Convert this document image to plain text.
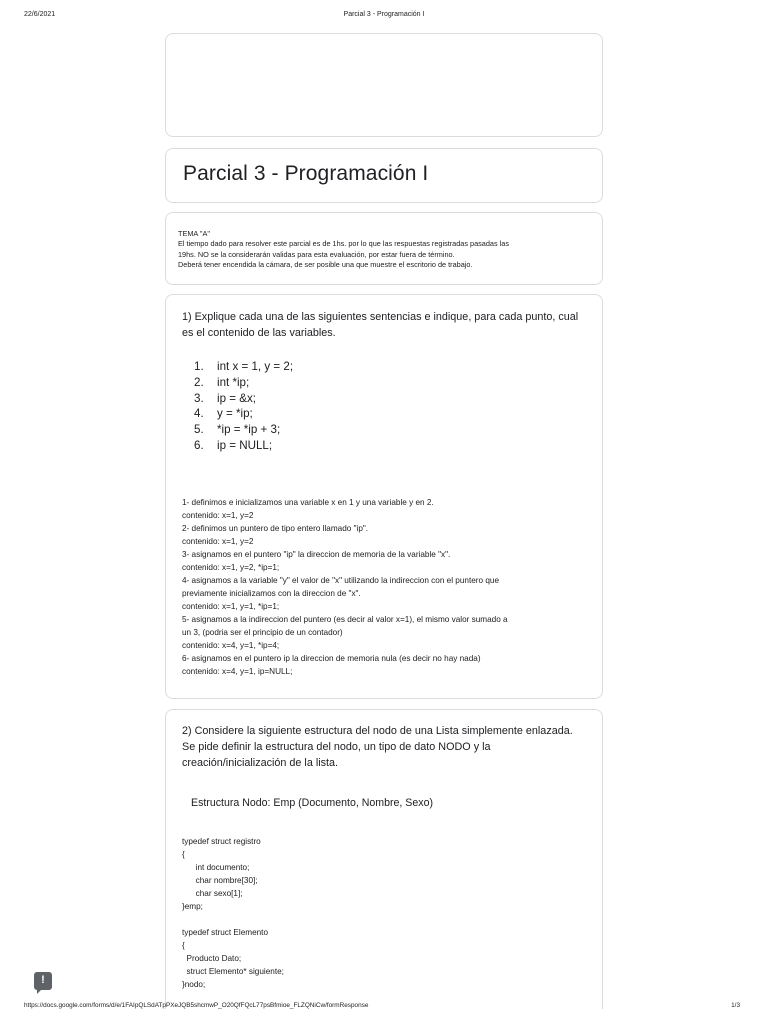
22/6/2021	Parcial 3 - Programación I
Parcial 3 - Programación I
TEMA "A"
El tiempo dado para resolver este parcial es de 1hs. por lo que las respuestas registradas pasadas las
19hs. NO se la considerarán validas para esta evaluación, por estar fuera de término.
Deberá tener encendida la cámara, de ser posible una que muestre el escritorio de trabajo.
1) Explique cada una de las siguientes sentencias e indique, para cada punto, cual
es el contenido de las variables.
1.	int x = 1, y = 2;
2.	int *ip;
3.	ip = &x;
4.	y = *ip;
5.	*ip = *ip + 3;
6.	ip = NULL;
1- definimos e inicializamos una variable x en 1 y una variable y en 2.
contenido: x=1, y=2
2- definimos un puntero de tipo entero llamado "ip".
contenido: x=1, y=2
3- asignamos en el puntero "ip" la direccion de memoria de la variable "x".
contenido: x=1, y=2, *ip=1;
4- asignamos a la variable "y" el valor de "x" utilizando la indireccion con el puntero que
previamente inicializamos con la direccion de "x".
contenido: x=1, y=1, *ip=1;
5- asignamos a la indireccion del puntero (es decir al valor x=1), el mismo valor sumado a
un 3, (podria ser el principio de un contador)
contenido: x=4, y=1, *ip=4;
6- asignamos en el puntero ip la direccion de memoria nula (es decir no hay nada)
contenido: x=4, y=1, ip=NULL;
2) Considere la siguiente estructura del nodo de una Lista simplemente enlazada.
Se pide definir la estructura del nodo, un tipo de dato NODO y la
creación/inicialización de la lista.
Estructura Nodo: Emp (Documento, Nombre, Sexo)
typedef struct registro
{
int documento;
char nombre[30];
char sexo[1];
}emp;
typedef struct Elemento
{
Producto Dato;
struct Elemento* siguiente;
}nodo;
!
https://docs.google.com/forms/d/e/1FAIpQLSdATpPXeJQB5shcmwP_O20QfFQcL77psBfmioe_FLZQNiCw/formResponse	1/3
